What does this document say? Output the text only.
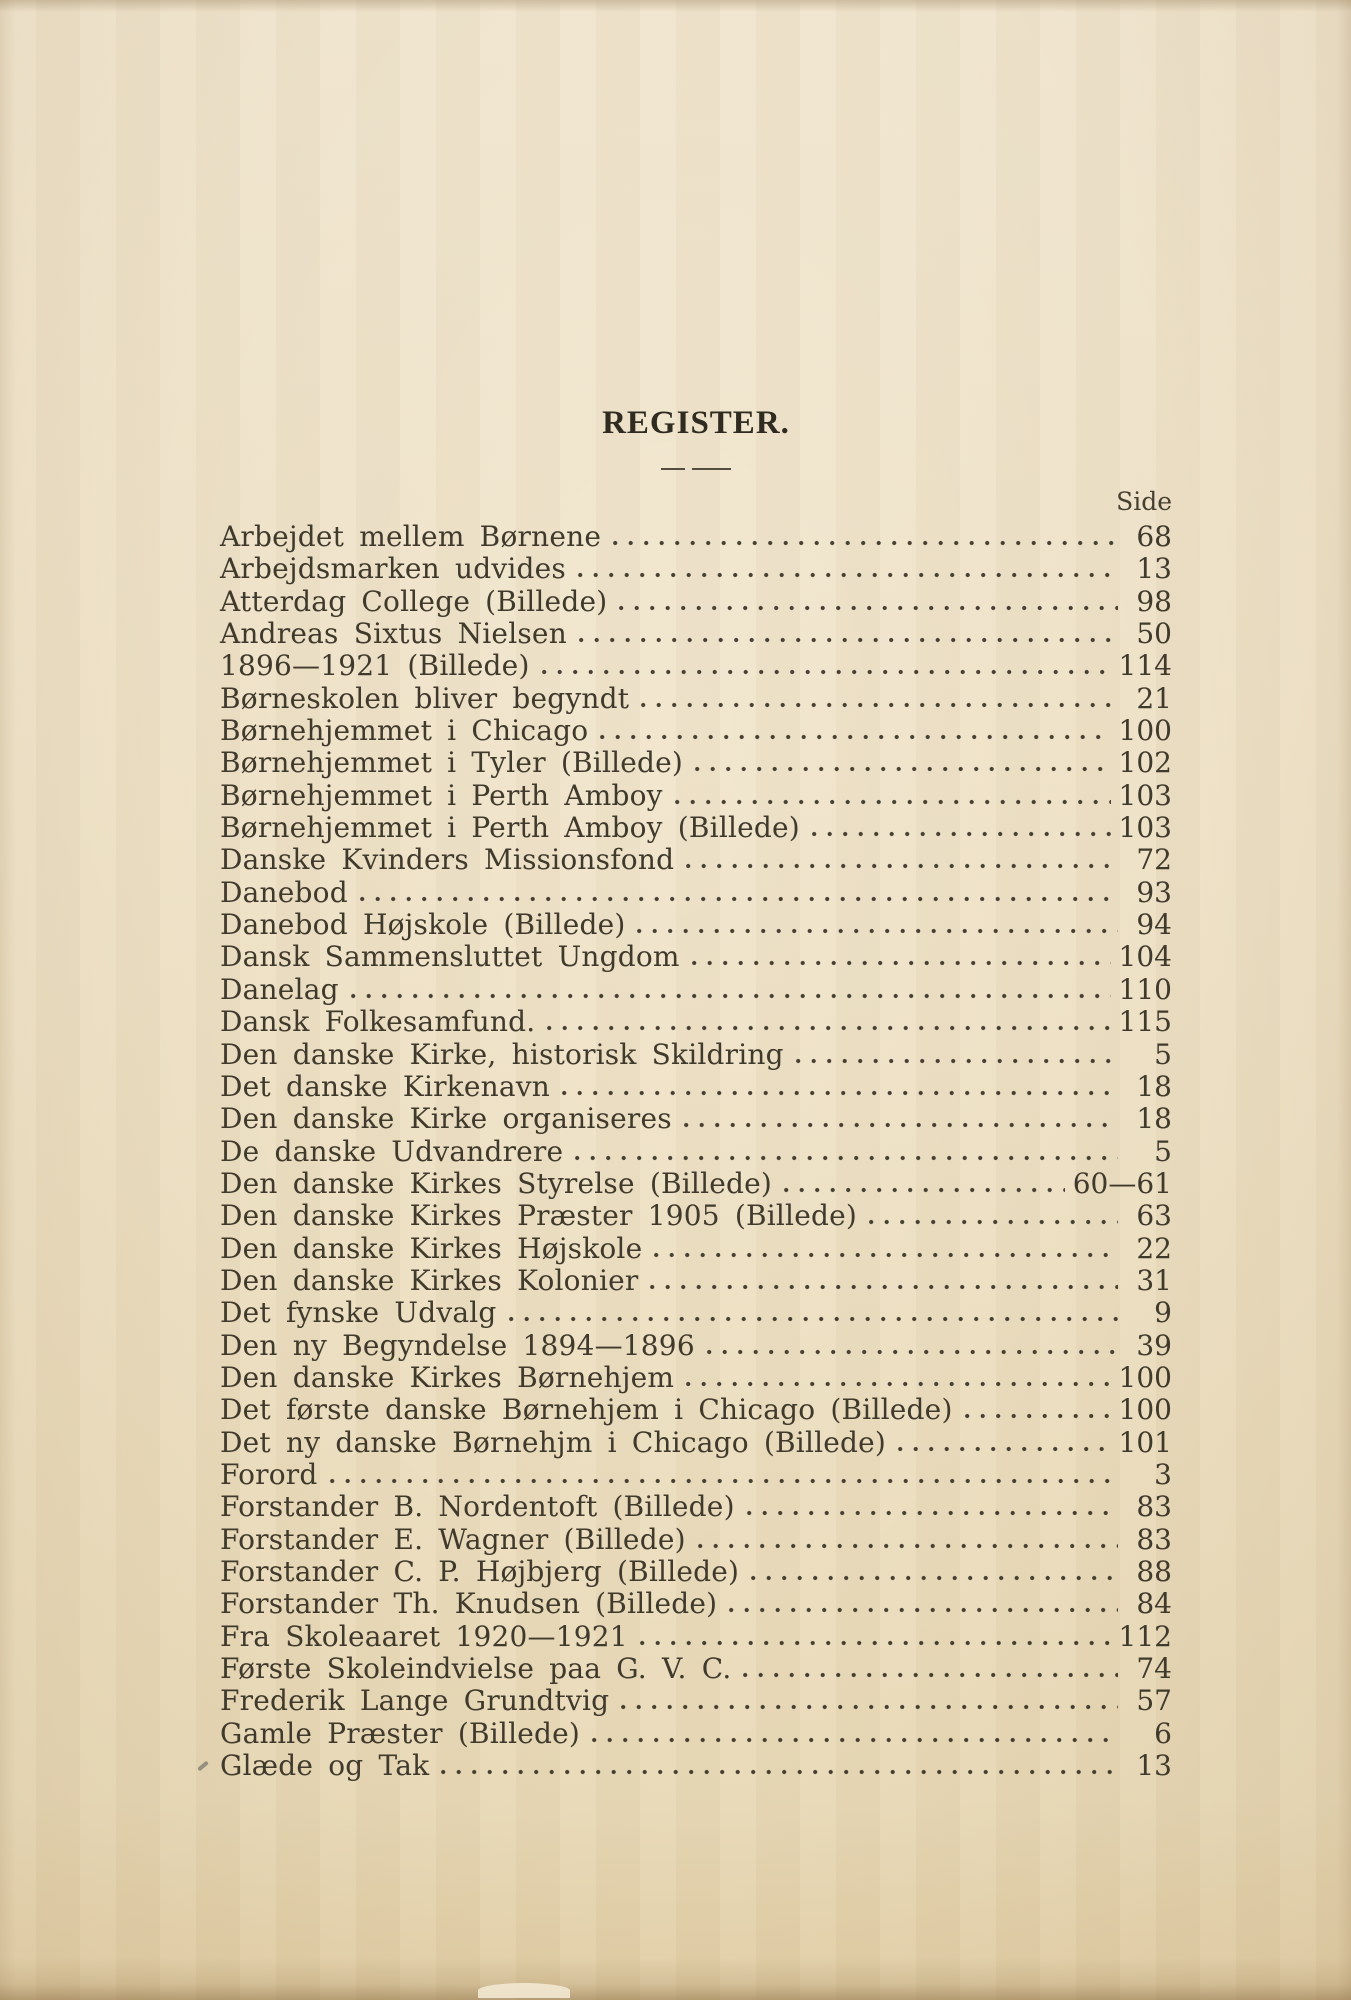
REGISTER.
Side
Arbejdet mellem Børnene	68
Arbejdsmarken udvides	13
Atterdag College (Billede)	98
Andreas Sixtus Nielsen	50
1896—1921 (Billede)	114
Børneskolen bliver begyndt	21
Børnehjemmet i Chicago	100
Børnehjemmet i Tyler (Billede)	102
Børnehjemmet i Perth Amboy	103
Børnehjemmet i Perth Amboy (Billede)	103
Danske Kvinders Missionsfond	72
Danebod	93
Danebod Højskole (Billede)	94
Dansk Sammensluttet Ungdom	104
Danelag	110
Dansk Folkesamfund.	115
Den danske Kirke, historisk Skildring	5
Det danske Kirkenavn	18
Den danske Kirke organiseres	18
De danske Udvandrere	5
Den danske Kirkes Styrelse (Billede)	60—61
Den danske Kirkes Præster 1905 (Billede)	63
Den danske Kirkes Højskole	22
Den danske Kirkes Kolonier	31
Det fynske Udvalg	9
Den ny Begyndelse 1894—1896	39
Den danske Kirkes Børnehjem	100
Det første danske Børnehjem i Chicago (Billede)	100
Det ny danske Børnehjm i Chicago (Billede)	101
Forord	3
Forstander B. Nordentoft (Billede)	83
Forstander E. Wagner (Billede)	83
Forstander C. P. Højbjerg (Billede)	88
Forstander Th. Knudsen (Billede)	84
Fra Skoleaaret 1920—1921	112
Første Skoleindvielse paa G. V. C.	74
Frederik Lange Grundtvig	57
Gamle Præster (Billede)	6
Glæde og Tak	13
